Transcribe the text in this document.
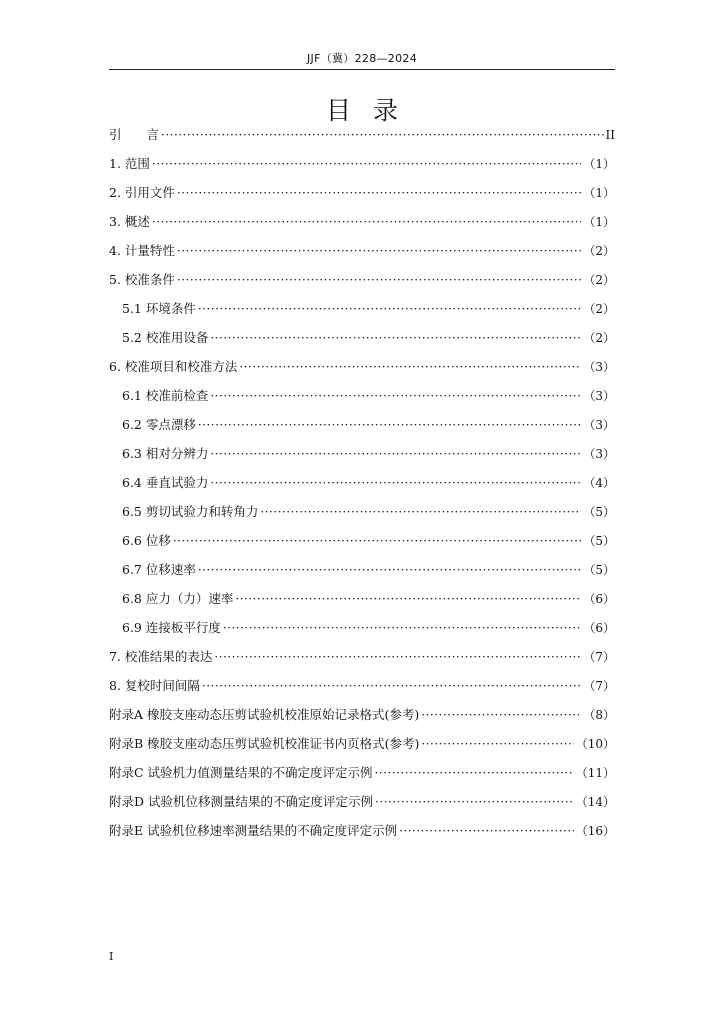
JJF（冀）228—2024
目录
引　　言 ·····	II
1. 范围 ·····	（1）
2. 引用文件 ·····	（1）
3. 概述 ·····	（1）
4. 计量特性 ·····	（2）
5. 校准条件 ·····	（2）
5.1 环境条件 ·····	（2）
5.2 校准用设备 ·····	（2）
6. 校准项目和校准方法 ·····	（3）
6.1 校准前检查 ·····	（3）
6.2 零点漂移 ·····	（3）
6.3 相对分辨力 ·····	（3）
6.4 垂直试验力 ·····	（4）
6.5 剪切试验力和转角力 ·····	（5）
6.6 位移 ·····	（5）
6.7 位移速率 ·····	（5）
6.8 应力（力）速率 ·····	（6）
6.9 连接板平行度 ·····	（6）
7. 校准结果的表达 ·····	（7）
8. 复校时间间隔 ·····	（7）
附录A 橡胶支座动态压剪试验机校准原始记录格式(参考) ·····	（8）
附录B 橡胶支座动态压剪试验机校准证书内页格式(参考) ·····	（10）
附录C 试验机力值测量结果的不确定度评定示例 ·····	（11）
附录D 试验机位移测量结果的不确定度评定示例 ·····	（14）
附录E 试验机位移速率测量结果的不确定度评定示例 ·····	（16）
I
